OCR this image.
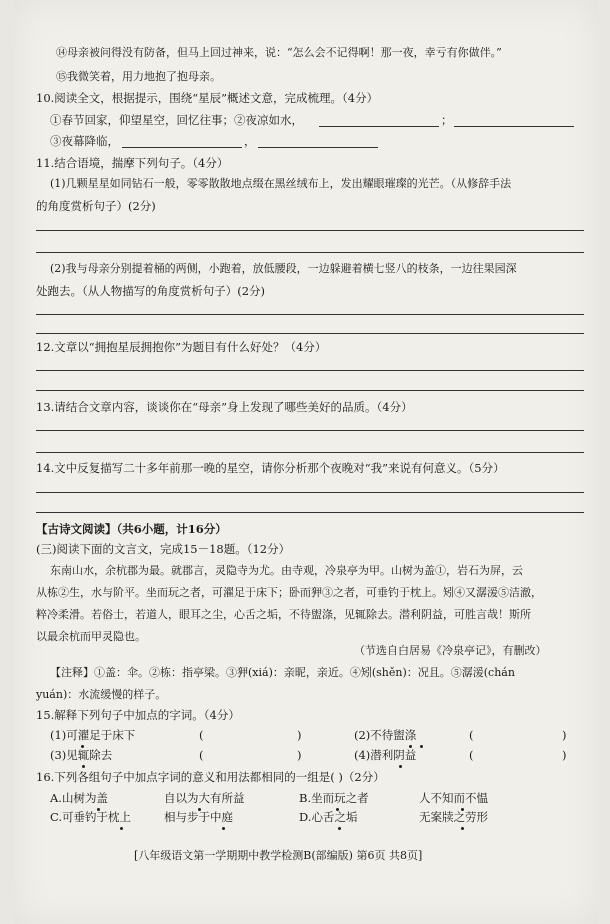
⑭母亲被问得没有防备，但马上回过神来，说：“怎么会不记得啊！那一夜，幸亏有你做伴。”
⑮我微笑着，用力地抱了抱母亲。
10.阅读全文，根据提示，围绕“星辰”概述文意，完成梳理。（4分）
①春节回家，仰望星空，回忆往事；②夜凉如水，	；
③夜幕降临，	，
11.结合语境，揣摩下列句子。（4分）
(1)几颗星星如同钻石一般，零零散散地点缀在黑丝绒布上，发出耀眼璀璨的光芒。（从修辞手法
的角度赏析句子）(2分)
(2)我与母亲分别提着桶的两侧，小跑着，放低腰段，一边躲避着横七竖八的枝条，一边往果园深
处跑去。（从人物描写的角度赏析句子）(2分)
12.文章以“拥抱星辰拥抱你”为题目有什么好处？（4分）
13.请结合文章内容，谈谈你在“母亲”身上发现了哪些美好的品质。（4分）
14.文中反复描写二十多年前那一晚的星空，请你分析那个夜晚对“我”来说有何意义。（5分）
【古诗文阅读】（共6小题，计16分）
(三)阅读下面的文言文，完成15－18题。（12分）
东南山水，余杭郡为最。就郡言，灵隐寺为尤。由寺观，冷泉亭为甲。山树为盖①，岩石为屏，云
从栋②生，水与阶平。坐而玩之者，可濯足于床下；卧而狎③之者，可垂钓于枕上。矧④又潺湲⑤洁澈，
粹冷柔滑。若俗士，若道人，眼耳之尘，心舌之垢，不待盥涤，见辄除去。潜利阴益，可胜言哉！斯所
以最余杭而甲灵隐也。
（节选自白居易《冷泉亭记》，有删改）
【注释】①盖：伞。②栋：指亭梁。③狎(xiá)：亲昵，亲近。④矧(shěn)：况且。⑤潺湲(chán
yuán)：水流缓慢的样子。
15.解释下列句子中加点的字词。（4分）
(1)可濯足于床下	(	)	(2)不待盥涤	(	)
(3)见辄除去	(	)	(4)潜利阴益	(	)
16.下列各组句子中加点字词的意义和用法都相同的一组是( )（2分）
A.山树为盖	自以为大有所益	B.坐而玩之者	人不知而不愠
C.可垂钓于枕上	相与步于中庭	D.心舌之垢	无案牍之劳形
[八年级语文第一学期期中教学检测B(部编版) 第6页 共8页]
